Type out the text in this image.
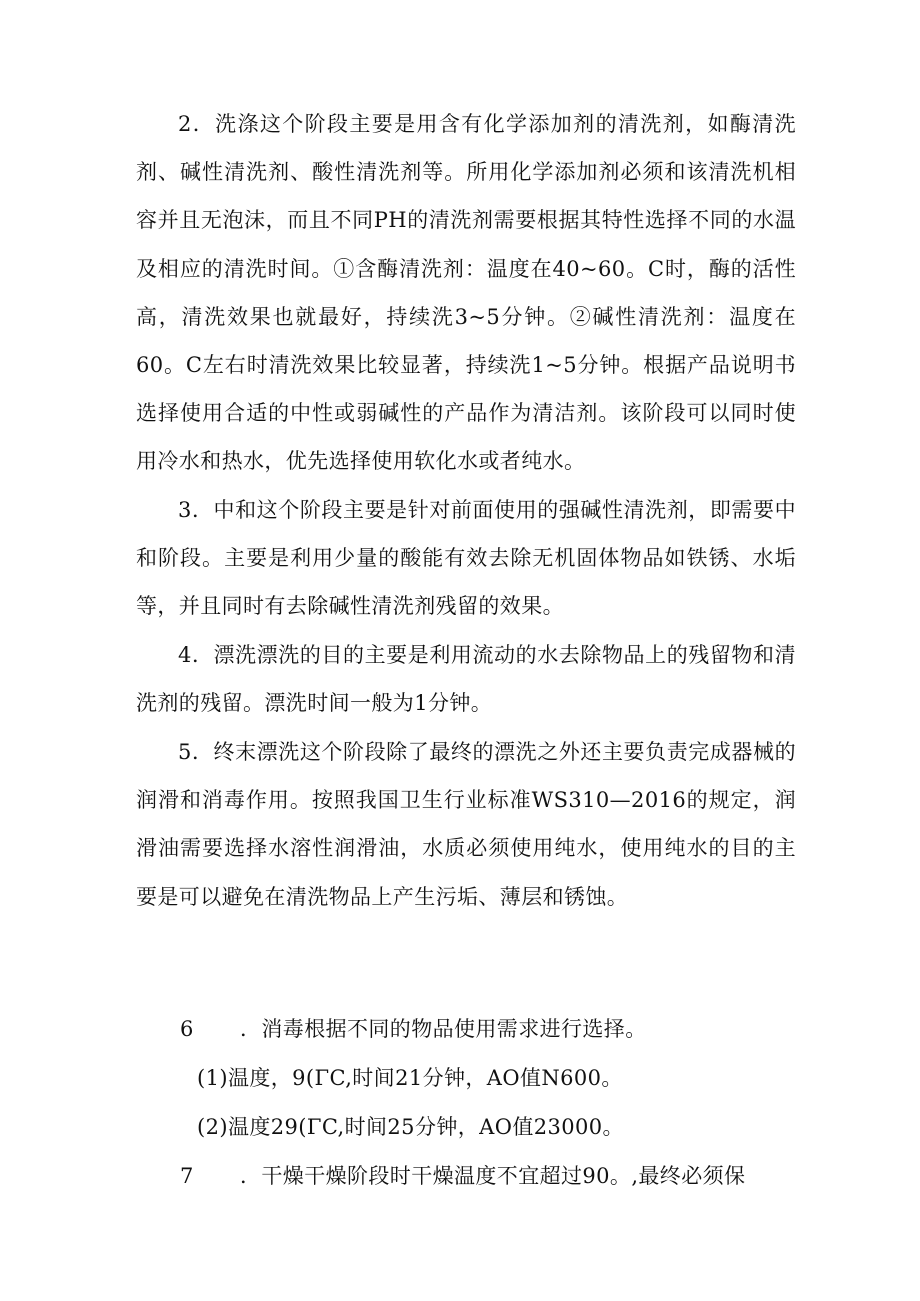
2．洗涤这个阶段主要是用含有化学添加剂的清洗剂，如酶清洗剂、碱性清洗剂、酸性清洗剂等。所用化学添加剂必须和该清洗机相容并且无泡沫，而且不同PH的清洗剂需要根据其特性选择不同的水温及相应的清洗时间。①含酶清洗剂：温度在40~60。C时，酶的活性高，清洗效果也就最好，持续洗3~5分钟。②碱性清洗剂：温度在60。C左右时清洗效果比较显著，持续洗1~5分钟。根据产品说明书选择使用合适的中性或弱碱性的产品作为清洁剂。该阶段可以同时使用冷水和热水，优先选择使用软化水或者纯水。

3．中和这个阶段主要是针对前面使用的强碱性清洗剂，即需要中和阶段。主要是利用少量的酸能有效去除无机固体物品如铁锈、水垢等，并且同时有去除碱性清洗剂残留的效果。

4．漂洗漂洗的目的主要是利用流动的水去除物品上的残留物和清洗剂的残留。漂洗时间一般为1分钟。

5．终末漂洗这个阶段除了最终的漂洗之外还主要负责完成器械的润滑和消毒作用。按照我国卫生行业标准WS310—2016的规定，润滑油需要选择水溶性润滑油，水质必须使用纯水，使用纯水的目的主要是可以避免在清洗物品上产生污垢、薄层和锈蚀。

6 ．消毒根据不同的物品使用需求进行选择。

(1)温度，9(ΓC,时间21分钟，AO值N600。

(2)温度29(ΓC,时间25分钟，AO值23000。

7 ．干燥干燥阶段时干燥温度不宜超过90。,最终必须保
